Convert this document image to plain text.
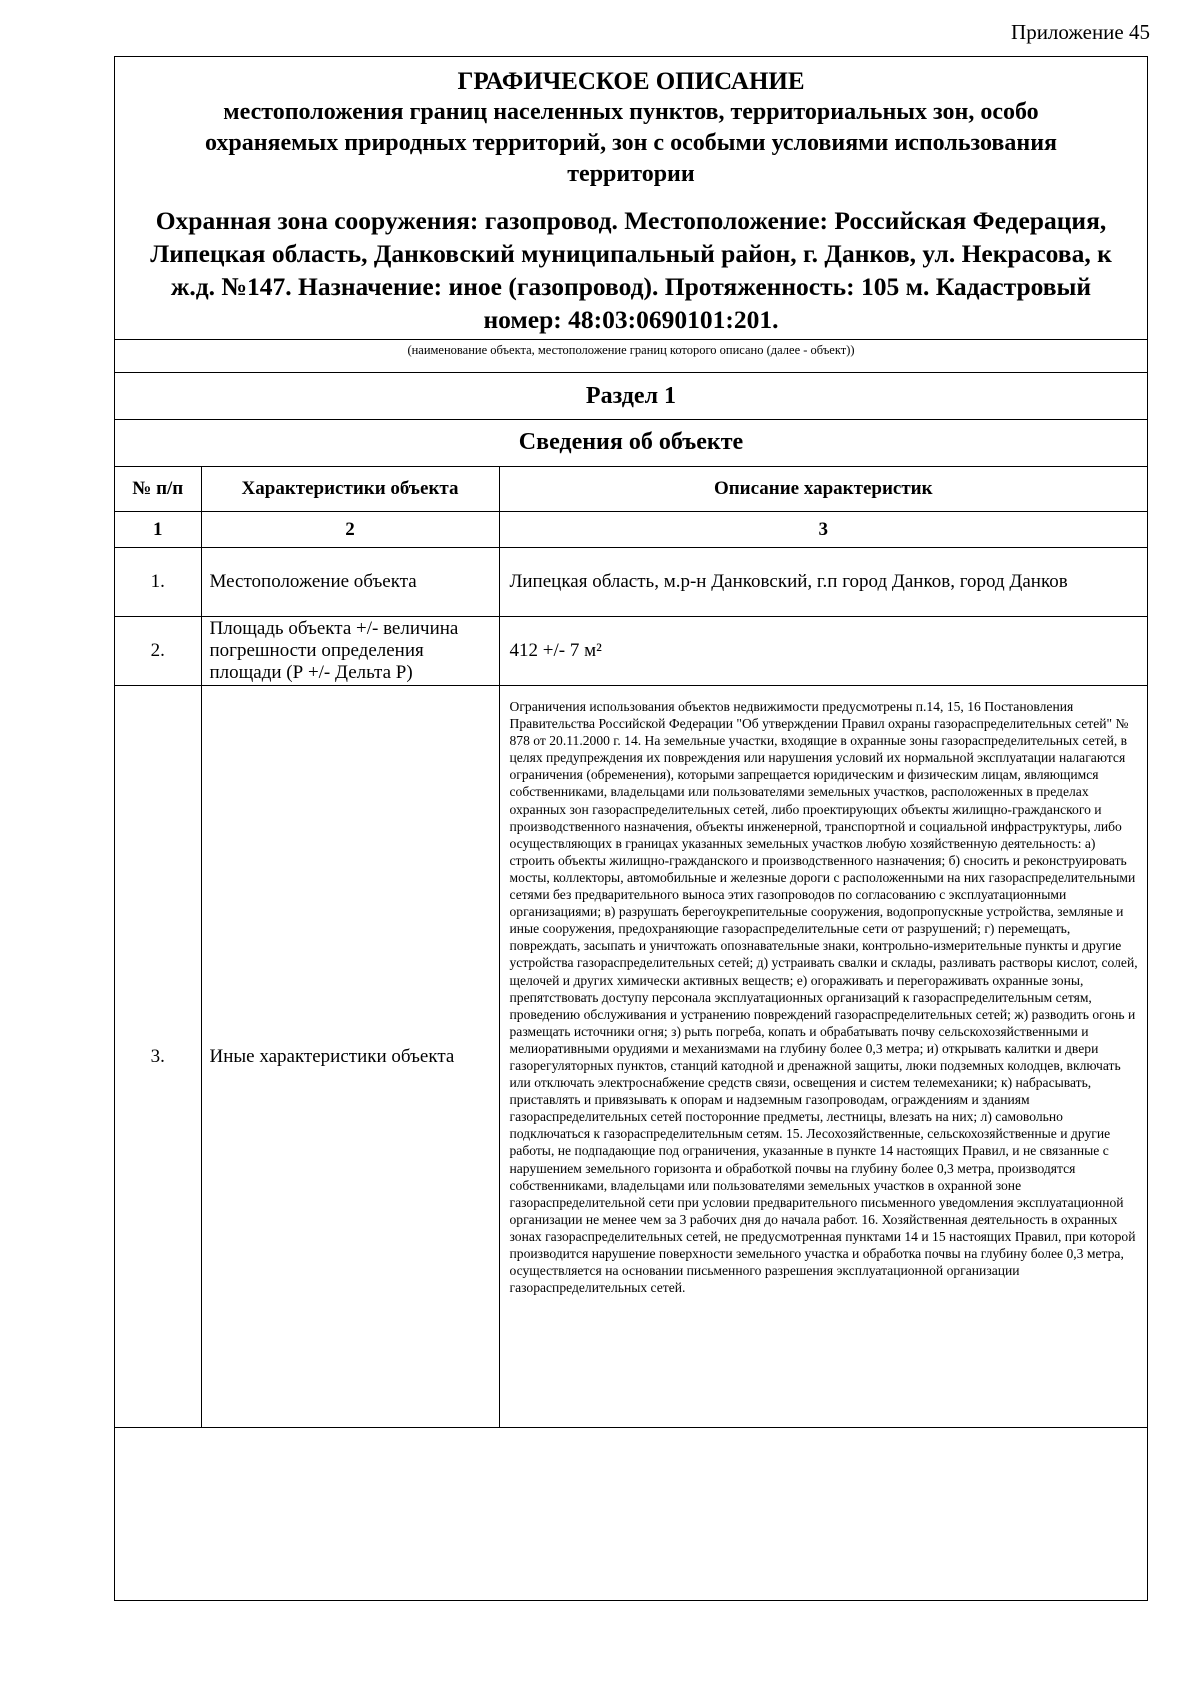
Приложение 45
ГРАФИЧЕСКОЕ ОПИСАНИЕ
местоположения границ населенных пунктов, территориальных зон, особо охраняемых природных территорий, зон с особыми условиями использования территории
Охранная зона сооружения: газопровод. Местоположение: Российская Федерация, Липецкая область, Данковский муниципальный район, г. Данков, ул. Некрасова, к ж.д. №147. Назначение: иное (газопровод). Протяженность: 105 м. Кадастровый номер: 48:03:0690101:201.
(наименование объекта, местоположение границ которого описано (далее - объект))
Раздел 1
Сведения об объекте
№ п/п	Характеристики объекта	Описание характеристик
1	2	3
1.	Местоположение объекта	Липецкая область, м.р-н Данковский, г.п город Данков, город Данков
2.	Площадь объекта +/- величина погрешности определения площади (Р +/- Дельта Р)	412 +/- 7 м²
3.	Иные характеристики объекта	Ограничения использования объектов недвижимости предусмотрены п.14, 15, 16 Постановления Правительства Российской Федерации "Об утверждении Правил охраны газораспределительных сетей" № 878 от 20.11.2000 г. 14. На земельные участки, входящие в охранные зоны газораспределительных сетей, в целях предупреждения их повреждения или нарушения условий их нормальной эксплуатации налагаются ограничения (обременения), которыми запрещается юридическим и физическим лицам, являющимся собственниками, владельцами или пользователями земельных участков, расположенных в пределах охранных зон газораспределительных сетей, либо проектирующих объекты жилищно-гражданского и производственного назначения, объекты инженерной, транспортной и социальной инфраструктуры, либо осуществляющих в границах указанных земельных участков любую хозяйственную деятельность: а) строить объекты жилищно-гражданского и производственного назначения; б) сносить и реконструировать мосты, коллекторы, автомобильные и железные дороги с расположенными на них газораспределительными сетями без предварительного выноса этих газопроводов по согласованию с эксплуатационными организациями; в) разрушать берегоукрепительные сооружения, водопропускные устройства, земляные и иные сооружения, предохраняющие газораспределительные сети от разрушений; г) перемещать, повреждать, засыпать и уничтожать опознавательные знаки, контрольно-измерительные пункты и другие устройства газораспределительных сетей; д) устраивать свалки и склады, разливать растворы кислот, солей, щелочей и других химически активных веществ; е) огораживать и перегораживать охранные зоны, препятствовать доступу персонала эксплуатационных организаций к газораспределительным сетям, проведению обслуживания и устранению повреждений газораспределительных сетей; ж) разводить огонь и размещать источники огня; з) рыть погреба, копать и обрабатывать почву сельскохозяйственными и мелиоративными орудиями и механизмами на глубину более 0,3 метра; и) открывать калитки и двери газорегуляторных пунктов, станций катодной и дренажной защиты, люки подземных колодцев, включать или отключать электроснабжение средств связи, освещения и систем телемеханики; к) набрасывать, приставлять и привязывать к опорам и надземным газопроводам, ограждениям и зданиям газораспределительных сетей посторонние предметы, лестницы, влезать на них; л) самовольно подключаться к газораспределительным сетям. 15. Лесохозяйственные, сельскохозяйственные и другие работы, не подпадающие под ограничения, указанные в пункте 14 настоящих Правил, и не связанные с нарушением земельного горизонта и обработкой почвы на глубину более 0,3 метра, производятся собственниками, владельцами или пользователями земельных участков в охранной зоне газораспределительной сети при условии предварительного письменного уведомления эксплуатационной организации не менее чем за 3 рабочих дня до начала работ. 16. Хозяйственная деятельность в охранных зонах газораспределительных сетей, не предусмотренная пунктами 14 и 15 настоящих Правил, при которой производится нарушение поверхности земельного участка и обработка почвы на глубину более 0,3 метра, осуществляется на основании письменного разрешения эксплуатационной организации газораспределительных сетей.
